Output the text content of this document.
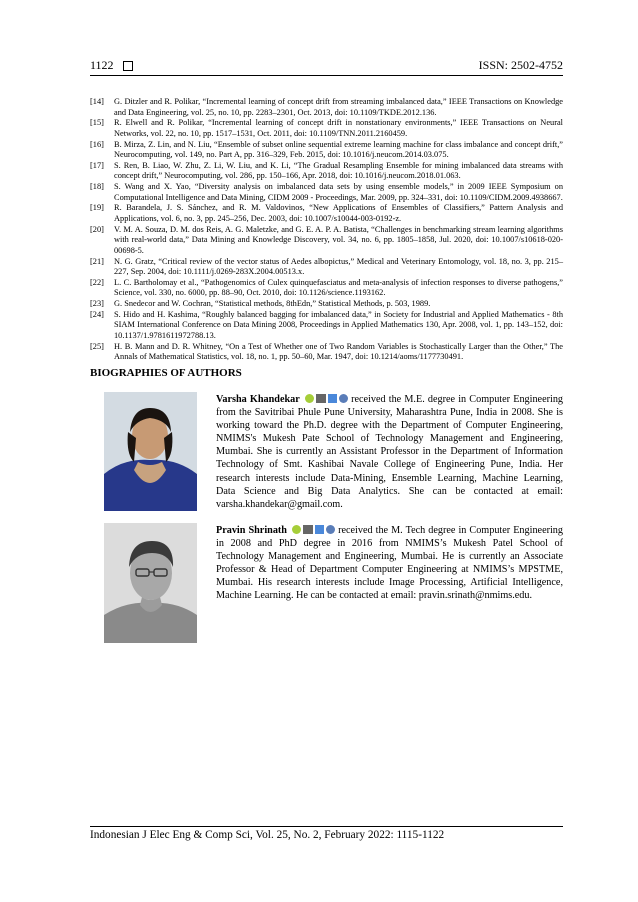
1122	ISSN: 2502-4752
[14]	G. Ditzler and R. Polikar, “Incremental learning of concept drift from streaming imbalanced data,” IEEE Transactions on Knowledge and Data Engineering, vol. 25, no. 10, pp. 2283–2301, Oct. 2013, doi: 10.1109/TKDE.2012.136.
[15]	R. Elwell and R. Polikar, “Incremental learning of concept drift in nonstationary environments,” IEEE Transactions on Neural Networks, vol. 22, no. 10, pp. 1517–1531, Oct. 2011, doi: 10.1109/TNN.2011.2160459.
[16]	B. Mirza, Z. Lin, and N. Liu, “Ensemble of subset online sequential extreme learning machine for class imbalance and concept drift,” Neurocomputing, vol. 149, no. Part A, pp. 316–329, Feb. 2015, doi: 10.1016/j.neucom.2014.03.075.
[17]	S. Ren, B. Liao, W. Zhu, Z. Li, W. Liu, and K. Li, “The Gradual Resampling Ensemble for mining imbalanced data streams with concept drift,” Neurocomputing, vol. 286, pp. 150–166, Apr. 2018, doi: 10.1016/j.neucom.2018.01.063.
[18]	S. Wang and X. Yao, “Diversity analysis on imbalanced data sets by using ensemble models,” in 2009 IEEE Symposium on Computational Intelligence and Data Mining, CIDM 2009 - Proceedings, Mar. 2009, pp. 324–331, doi: 10.1109/CIDM.2009.4938667.
[19]	R. Barandela, J. S. Sánchez, and R. M. Valdovinos, “New Applications of Ensembles of Classifiers,” Pattern Analysis and Applications, vol. 6, no. 3, pp. 245–256, Dec. 2003, doi: 10.1007/s10044-003-0192-z.
[20]	V. M. A. Souza, D. M. dos Reis, A. G. Maletzke, and G. E. A. P. A. Batista, “Challenges in benchmarking stream learning algorithms with real-world data,” Data Mining and Knowledge Discovery, vol. 34, no. 6, pp. 1805–1858, Jul. 2020, doi: 10.1007/s10618-020-00698-5.
[21]	N. G. Gratz, “Critical review of the vector status of Aedes albopictus,” Medical and Veterinary Entomology, vol. 18, no. 3, pp. 215–227, Sep. 2004, doi: 10.1111/j.0269-283X.2004.00513.x.
[22]	L. C. Bartholomay et al., “Pathogenomics of Culex quinquefasciatus and meta-analysis of infection responses to diverse pathogens,” Science, vol. 330, no. 6000, pp. 88–90, Oct. 2010, doi: 10.1126/science.1193162.
[23]	G. Snedecor and W. Cochran, “Statistical methods, 8thEdn,” Statistical Methods, p. 503, 1989.
[24]	S. Hido and H. Kashima, “Roughly balanced bagging for imbalanced data,” in Society for Industrial and Applied Mathematics - 8th SIAM International Conference on Data Mining 2008, Proceedings in Applied Mathematics 130, Apr. 2008, vol. 1, pp. 143–152, doi: 10.1137/1.9781611972788.13.
[25]	H. B. Mann and D. R. Whitney, “On a Test of Whether one of Two Random Variables is Stochastically Larger than the Other,” The Annals of Mathematical Statistics, vol. 18, no. 1, pp. 50–60, Mar. 1947, doi: 10.1214/aoms/1177730491.
BIOGRAPHIES OF AUTHORS
Varsha Khandekar	received the M.E. degree in Computer Engineering from the Savitribai Phule Pune University, Maharashtra Pune, India in 2008. She is working toward the Ph.D. degree with the Department of Computer Engineering, NMIMS's Mukesh Pate School of Technology Management and Engineering, Mumbai. She is currently an Assistant Professor in the Department of Information Technology of Smt. Kashibai Navale College of Engineering Pune, India. Her research interests include Data-Mining, Ensemble Learning, Machine Learning, Data Science and Big Data Analytics. She can be contacted at email: varsha.khandekar@gmail.com.
Pravin Shrinath	received the M. Tech degree in Computer Engineering in 2008 and PhD degree in 2016 from NMIMS’s Mukesh Patel School of Technology Management and Engineering, Mumbai. He is currently an Associate Professor & Head of Department Computer Engineering at NMIMS’s MPSTME, Mumbai. His research interests include Image Processing, Artificial Intelligence, Machine Learning. He can be contacted at email: pravin.srinath@nmims.edu.
Indonesian J Elec Eng & Comp Sci, Vol. 25, No. 2, February 2022: 1115-1122
